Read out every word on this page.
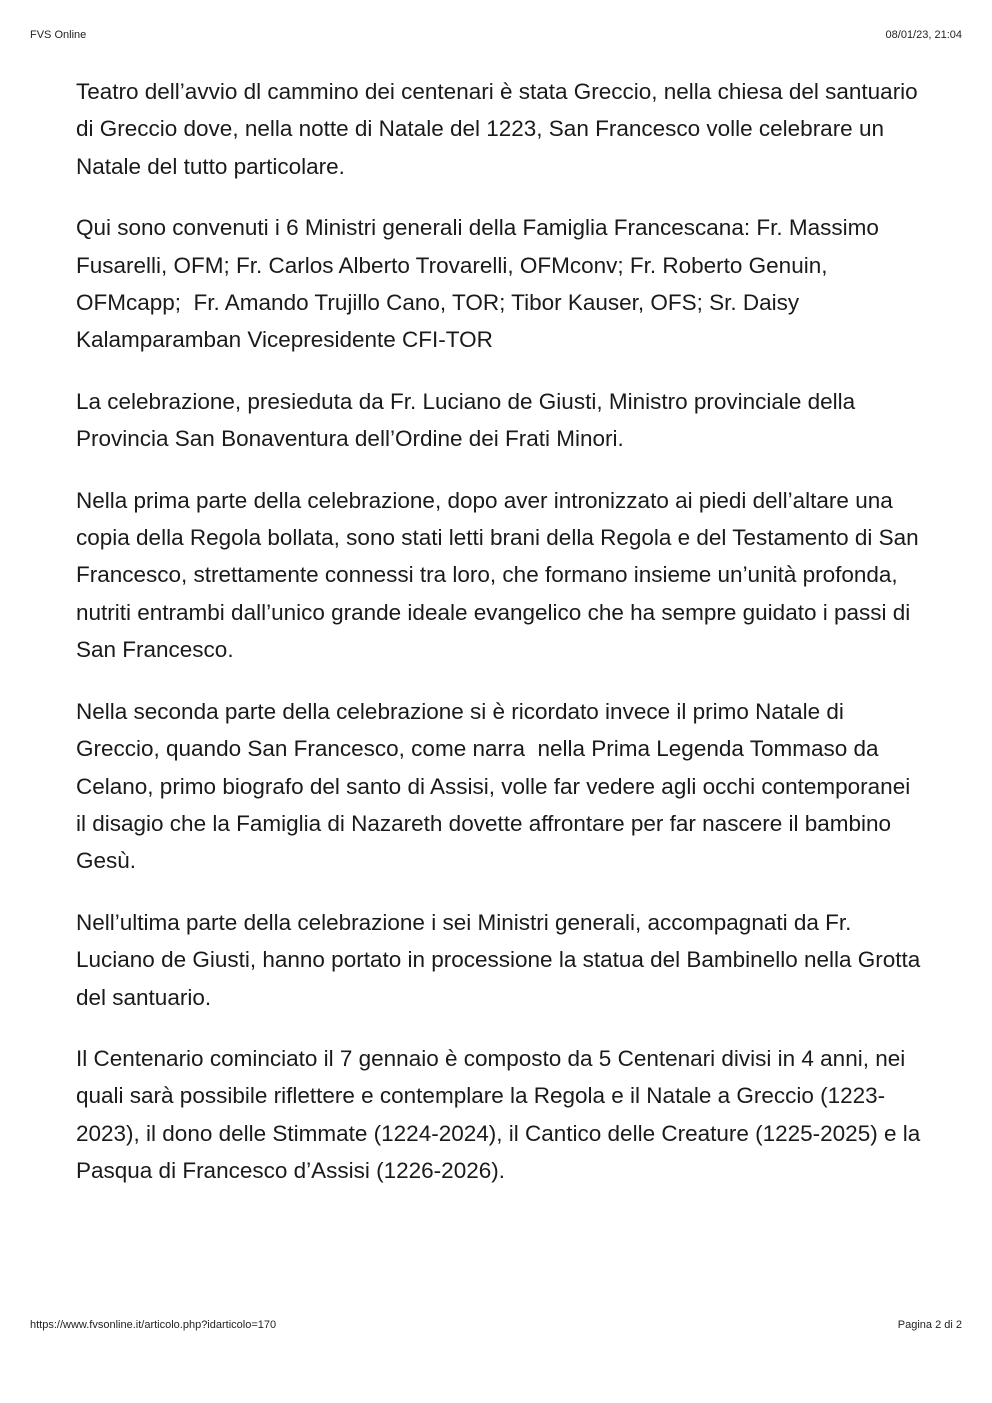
FVS Online	08/01/23, 21:04

Teatro dell’avvio dl cammino dei centenari è stata Greccio, nella chiesa del santuario di Greccio dove, nella notte di Natale del 1223, San Francesco volle celebrare un Natale del tutto particolare.

Qui sono convenuti i 6 Ministri generali della Famiglia Francescana: Fr. Massimo Fusarelli, OFM; Fr. Carlos Alberto Trovarelli, OFMconv; Fr. Roberto Genuin, OFMcapp;  Fr. Amando Trujillo Cano, TOR; Tibor Kauser, OFS; Sr. Daisy Kalamparamban Vicepresidente CFI-TOR

La celebrazione, presieduta da Fr. Luciano de Giusti, Ministro provinciale della Provincia San Bonaventura dell’Ordine dei Frati Minori.

Nella prima parte della celebrazione, dopo aver intronizzato ai piedi dell’altare una copia della Regola bollata, sono stati letti brani della Regola e del Testamento di San Francesco, strettamente connessi tra loro, che formano insieme un’unità profonda, nutriti entrambi dall’unico grande ideale evangelico che ha sempre guidato i passi di San Francesco.

Nella seconda parte della celebrazione si è ricordato invece il primo Natale di Greccio, quando San Francesco, come narra  nella Prima Legenda Tommaso da Celano, primo biografo del santo di Assisi, volle far vedere agli occhi contemporanei il disagio che la Famiglia di Nazareth dovette affrontare per far nascere il bambino Gesù.

Nell’ultima parte della celebrazione i sei Ministri generali, accompagnati da Fr. Luciano de Giusti, hanno portato in processione la statua del Bambinello nella Grotta del santuario.

Il Centenario cominciato il 7 gennaio è composto da 5 Centenari divisi in 4 anni, nei quali sarà possibile riflettere e contemplare la Regola e il Natale a Greccio (1223-2023), il dono delle Stimmate (1224-2024), il Cantico delle Creature (1225-2025) e la Pasqua di Francesco d’Assisi (1226-2026).

https://www.fvsonline.it/articolo.php?idarticolo=170	Pagina 2 di 2
